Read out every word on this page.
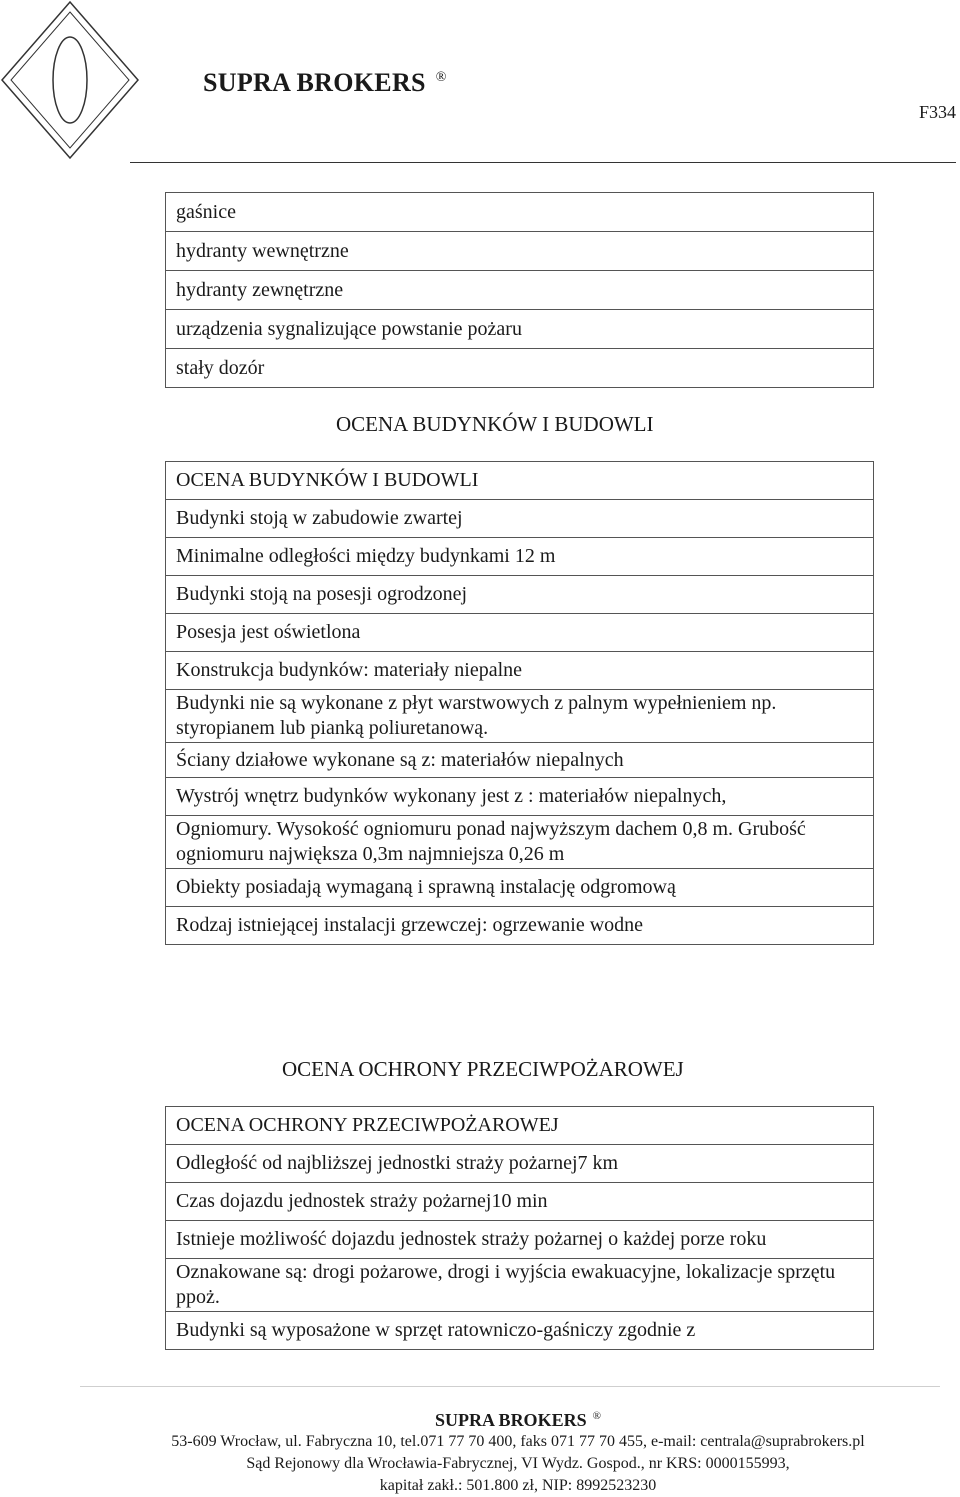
SUPRA BROKERS ®
F334
gaśnice
hydranty wewnętrzne
hydranty zewnętrzne
urządzenia sygnalizujące powstanie pożaru
stały dozór
OCENA BUDYNKÓW I BUDOWLI
OCENA BUDYNKÓW I BUDOWLI
Budynki stoją w zabudowie zwartej
Minimalne odległości między budynkami 12 m
Budynki stoją na posesji ogrodzonej
Posesja jest oświetlona
Konstrukcja budynków: materiały niepalne
Budynki nie są wykonane z płyt warstwowych z palnym wypełnieniem np. styropianem lub pianką poliuretanową.
Ściany działowe wykonane są z: materiałów niepalnych
Wystrój wnętrz budynków wykonany jest z : materiałów niepalnych,
Ogniomury. Wysokość ogniomuru ponad najwyższym dachem 0,8 m. Grubość ogniomuru największa 0,3m najmniejsza 0,26 m
Obiekty posiadają wymaganą i sprawną instalację odgromową
Rodzaj istniejącej instalacji grzewczej: ogrzewanie wodne
OCENA OCHRONY PRZECIWPOŻAROWEJ
OCENA OCHRONY PRZECIWPOŻAROWEJ
Odległość od najbliższej jednostki straży pożarnej7 km
Czas dojazdu jednostek straży pożarnej10 min
Istnieje możliwość dojazdu jednostek straży pożarnej o każdej porze roku
Oznakowane są: drogi pożarowe, drogi i wyjścia ewakuacyjne, lokalizacje sprzętu ppoż.
Budynki są wyposażone w sprzęt ratowniczo-gaśniczy zgodnie z
SUPRA BROKERS ®
53-609 Wrocław, ul. Fabryczna 10, tel.071 77 70 400, faks 071 77 70 455, e-mail: centrala@suprabrokers.pl
Sąd Rejonowy dla Wrocławia-Fabrycznej, VI Wydz. Gospod., nr KRS: 0000155993,
kapitał zakł.: 501.800 zł, NIP: 8992523230
